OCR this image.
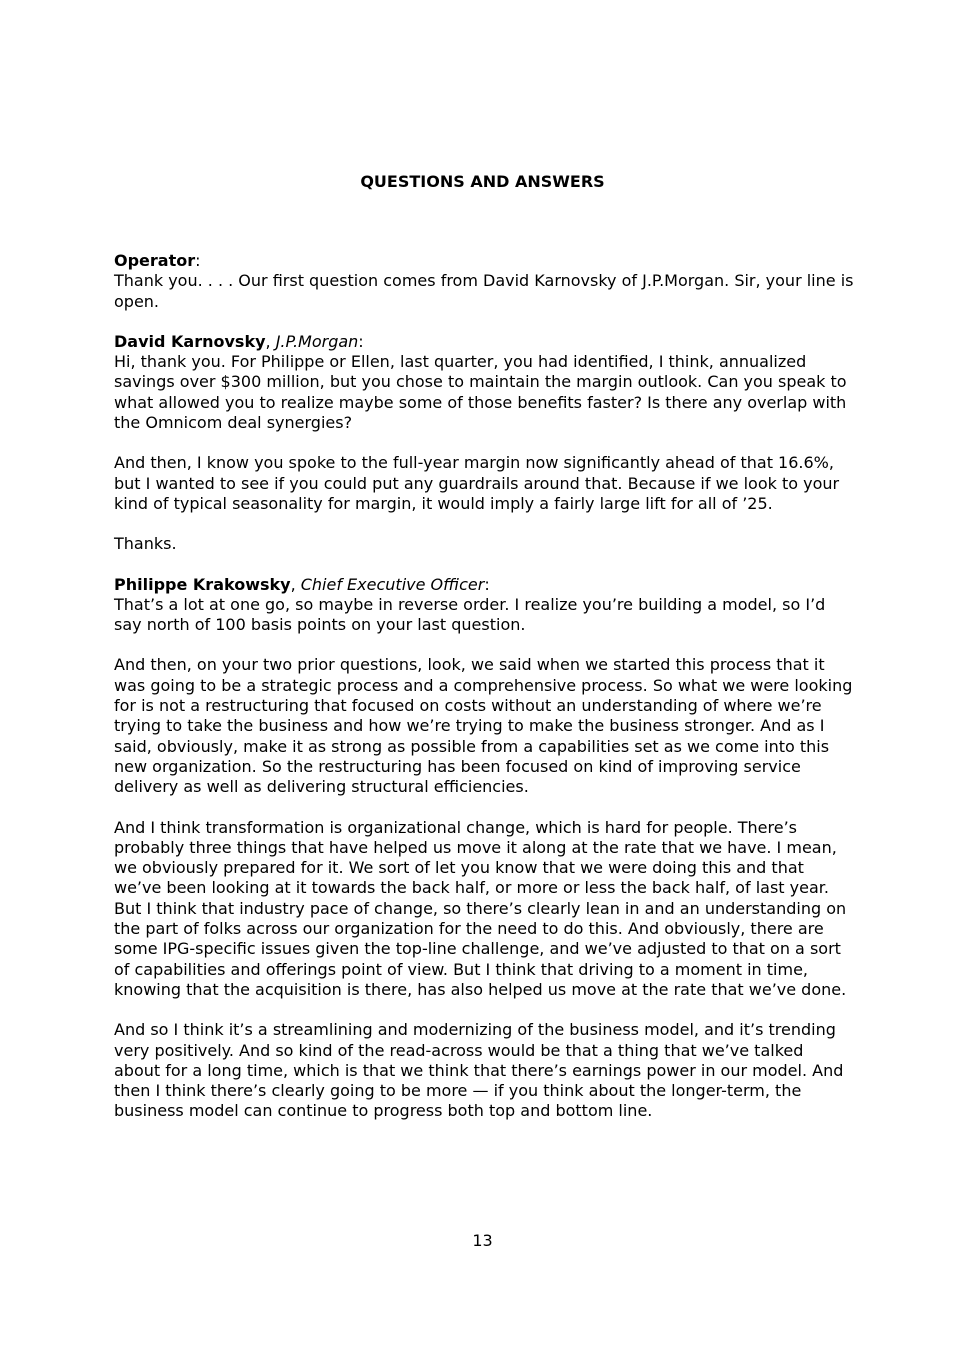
QUESTIONS AND ANSWERS

Operator:

Thank you. . . . Our first question comes from David Karnovsky of J.P.Morgan. Sir, your line is open.

David Karnovsky, J.P.Morgan:

Hi, thank you. For Philippe or Ellen, last quarter, you had identified, I think, annualized savings over $300 million, but you chose to maintain the margin outlook. Can you speak to what allowed you to realize maybe some of those benefits faster? Is there any overlap with the Omnicom deal synergies?

And then, I know you spoke to the full-year margin now significantly ahead of that 16.6%, but I wanted to see if you could put any guardrails around that. Because if we look to your kind of typical seasonality for margin, it would imply a fairly large lift for all of ’25.

Thanks.

Philippe Krakowsky, Chief Executive Officer:

That’s a lot at one go, so maybe in reverse order. I realize you’re building a model, so I’d say north of 100 basis points on your last question.

And then, on your two prior questions, look, we said when we started this process that it was going to be a strategic process and a comprehensive process. So what we were looking for is not a restructuring that focused on costs without an understanding of where we’re trying to take the business and how we’re trying to make the business stronger. And as I said, obviously, make it as strong as possible from a capabilities set as we come into this new organization. So the restructuring has been focused on kind of improving service delivery as well as delivering structural efficiencies.

And I think transformation is organizational change, which is hard for people. There’s probably three things that have helped us move it along at the rate that we have. I mean, we obviously prepared for it. We sort of let you know that we were doing this and that we’ve been looking at it towards the back half, or more or less the back half, of last year. But I think that industry pace of change, so there’s clearly lean in and an understanding on the part of folks across our organization for the need to do this. And obviously, there are some IPG-specific issues given the top-line challenge, and we’ve adjusted to that on a sort of capabilities and offerings point of view. But I think that driving to a moment in time, knowing that the acquisition is there, has also helped us move at the rate that we’ve done.

And so I think it’s a streamlining and modernizing of the business model, and it’s trending very positively. And so kind of the read-across would be that a thing that we’ve talked about for a long time, which is that we think that there’s earnings power in our model. And then I think there’s clearly going to be more — if you think about the longer-term, the business model can continue to progress both top and bottom line.

13
